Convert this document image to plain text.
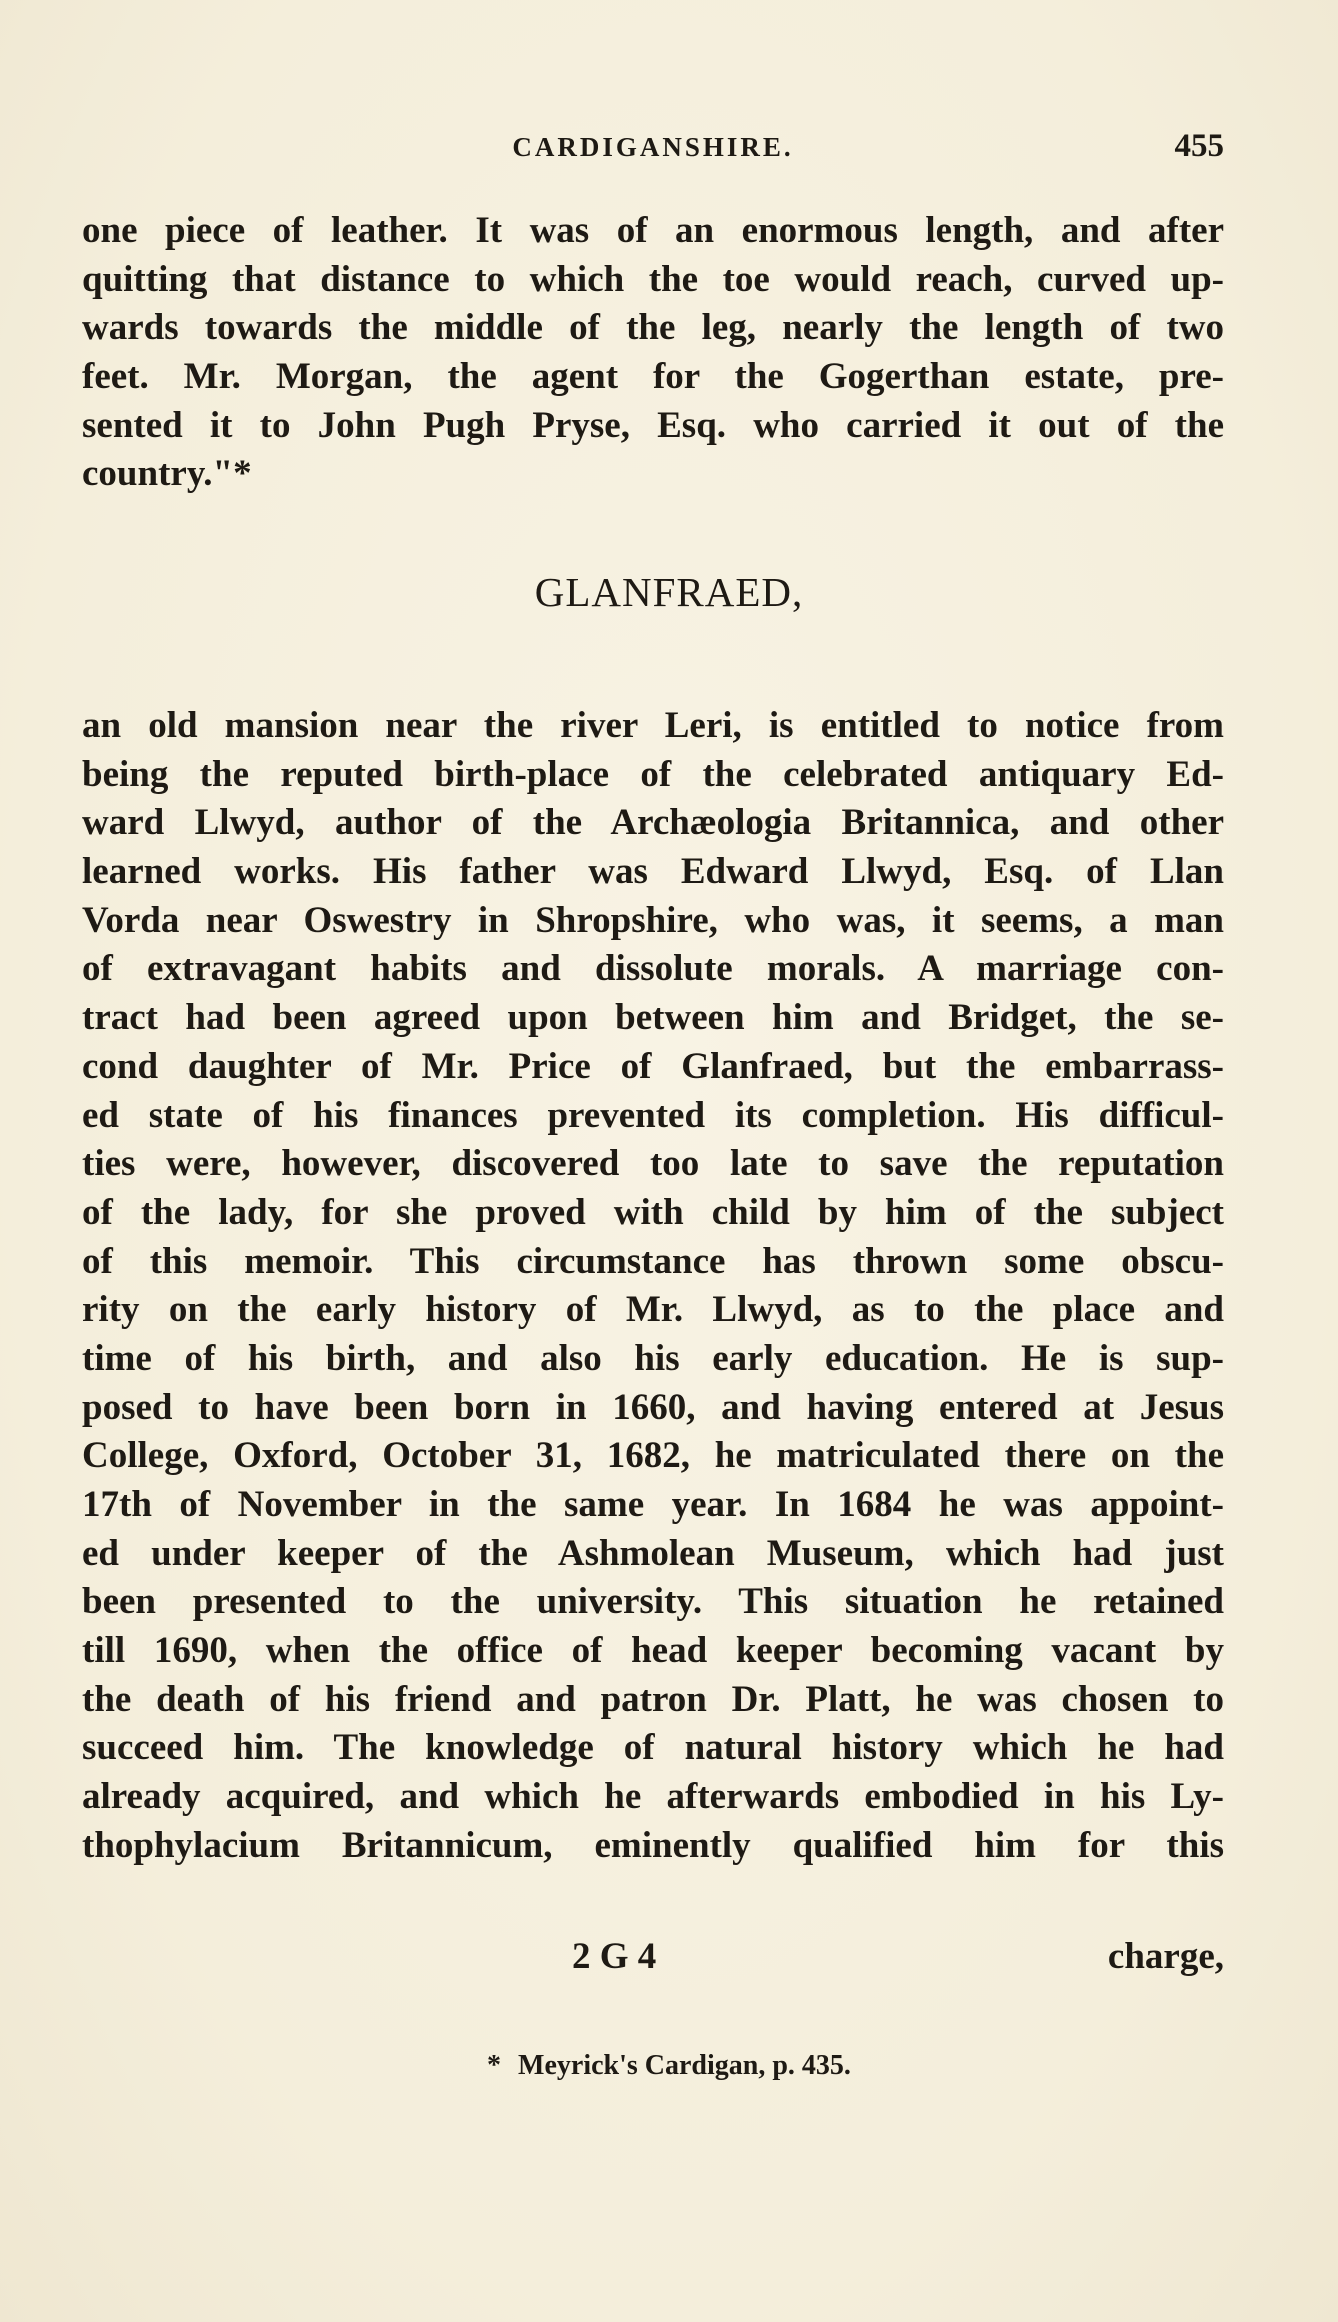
CARDIGANSHIRE.	455
one piece of leather. It was of an enormous length, and after
quitting that distance to which the toe would reach, curved up-
wards towards the middle of the leg, nearly the length of two
feet. Mr. Morgan, the agent for the Gogerthan estate, pre-
sented it to John Pugh Pryse, Esq. who carried it out of the
country."*
GLANFRAED,
an old mansion near the river Leri, is entitled to notice from
being the reputed birth-place of the celebrated antiquary Ed-
ward Llwyd, author of the Archæologia Britannica, and other
learned works. His father was Edward Llwyd, Esq. of Llan
Vorda near Oswestry in Shropshire, who was, it seems, a man
of extravagant habits and dissolute morals. A marriage con-
tract had been agreed upon between him and Bridget, the se-
cond daughter of Mr. Price of Glanfraed, but the embarrass-
ed state of his finances prevented its completion. His difficul-
ties were, however, discovered too late to save the reputation
of the lady, for she proved with child by him of the subject
of this memoir. This circumstance has thrown some obscu-
rity on the early history of Mr. Llwyd, as to the place and
time of his birth, and also his early education. He is sup-
posed to have been born in 1660, and having entered at Jesus
College, Oxford, October 31, 1682, he matriculated there on the
17th of November in the same year. In 1684 he was appoint-
ed under keeper of the Ashmolean Museum, which had just
been presented to the university. This situation he retained
till 1690, when the office of head keeper becoming vacant by
the death of his friend and patron Dr. Platt, he was chosen to
succeed him. The knowledge of natural history which he had
already acquired, and which he afterwards embodied in his Ly-
thophylacium Britannicum, eminently qualified him for this
2 G 4	charge,
* Meyrick's Cardigan, p. 435.
